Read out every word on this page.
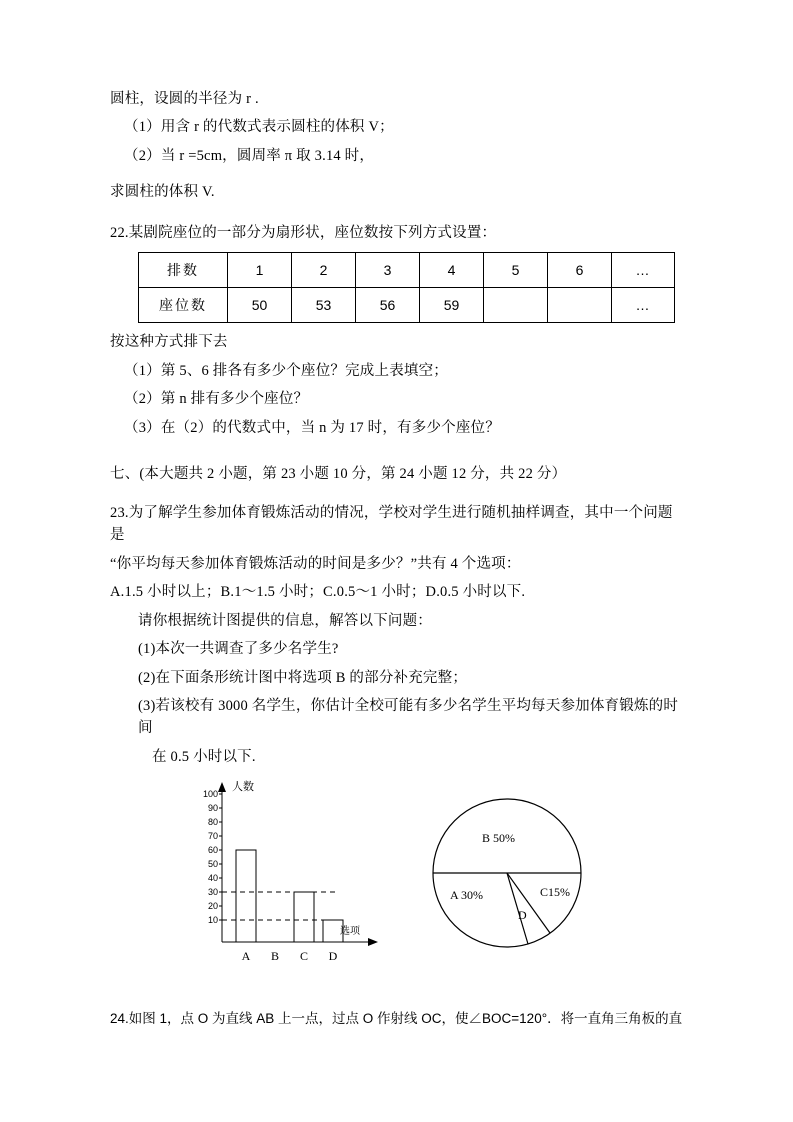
圆柱，设圆的半径为 r .

（1）用含 r 的代数式表示圆柱的体积 V；

（2）当 r =5cm，圆周率 π 取 3.14 时，

求圆柱的体积 V.

22.某剧院座位的一部分为扇形状，座位数按下列方式设置：

排数	1	2	3	4	5	6	…
座位数	50	53	56	59			…

按这种方式排下去

（1）第 5、6 排各有多少个座位？完成上表填空；

（2）第 n 排有多少个座位？

（3）在（2）的代数式中，当 n 为 17 时，有多少个座位？

七、(本大题共 2 小题，第 23 小题 10 分，第 24 小题 12 分，共 22 分）

23.为了解学生参加体育锻炼活动的情况，学校对学生进行随机抽样调查，其中一个问题是

“你平均每天参加体育锻炼活动的时间是多少？”共有 4 个选项：

A.1.5 小时以上；B.1～1.5 小时；C.0.5～1 小时；D.0.5 小时以下.

请你根据统计图提供的信息，解答以下问题：

(1)本次一共调查了多少名学生?

(2)在下面条形统计图中将选项 B 的部分补充完整；

(3)若该校有 3000 名学生，你估计全校可能有多少名学生平均每天参加体育锻炼的时间

在 0.5 小时以下.

100
90
80
70
60
50
40
30
20
10
人数
选项
A B C D
B 50%
A 30%	C15%
D

24.如图 1，点 O 为直线 AB 上一点，过点 O 作射线 OC，使∠BOC=120°．将一直角三角板的直
